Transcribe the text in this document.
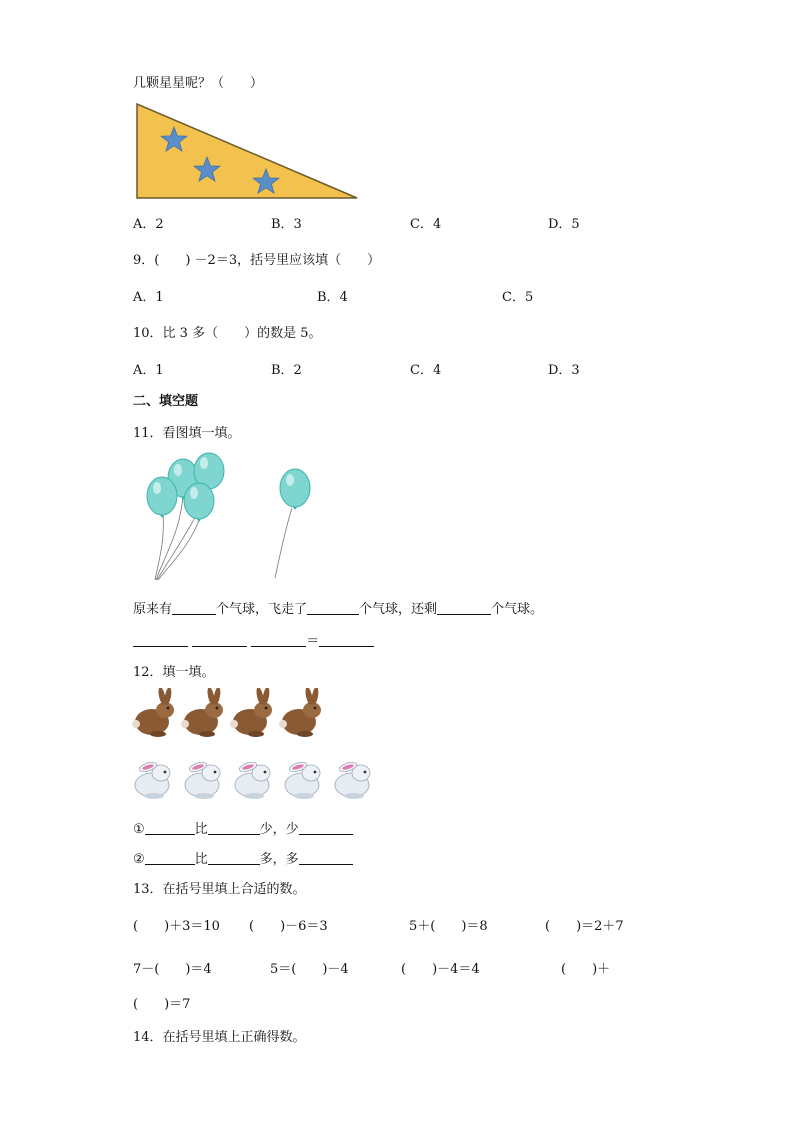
几颗星星呢？（　　）
A．2	B．3	C．4	D．5
9．(　　) －2＝3，括号里应该填（　　）
A．1	B．4	C．5
10．比 3 多（　　）的数是 5。
A．1	B．2	C．4	D．3
二、填空题
11．看图填一填。
原来有	个气球，飞走了	个气球，还剩	个气球。
＝
12．填一填。
①	比	少，少
②	比	多，多
13．在括号里填上合适的数。
(　　)＋3＝10 (　　)－6＝3	5＋(　　)＝8	(　　)＝2＋7
7－(　　)＝4	5＝(　　)－4	(　　)－4＝4	(　　)＋
(　　)＝7
14．在括号里填上正确得数。
